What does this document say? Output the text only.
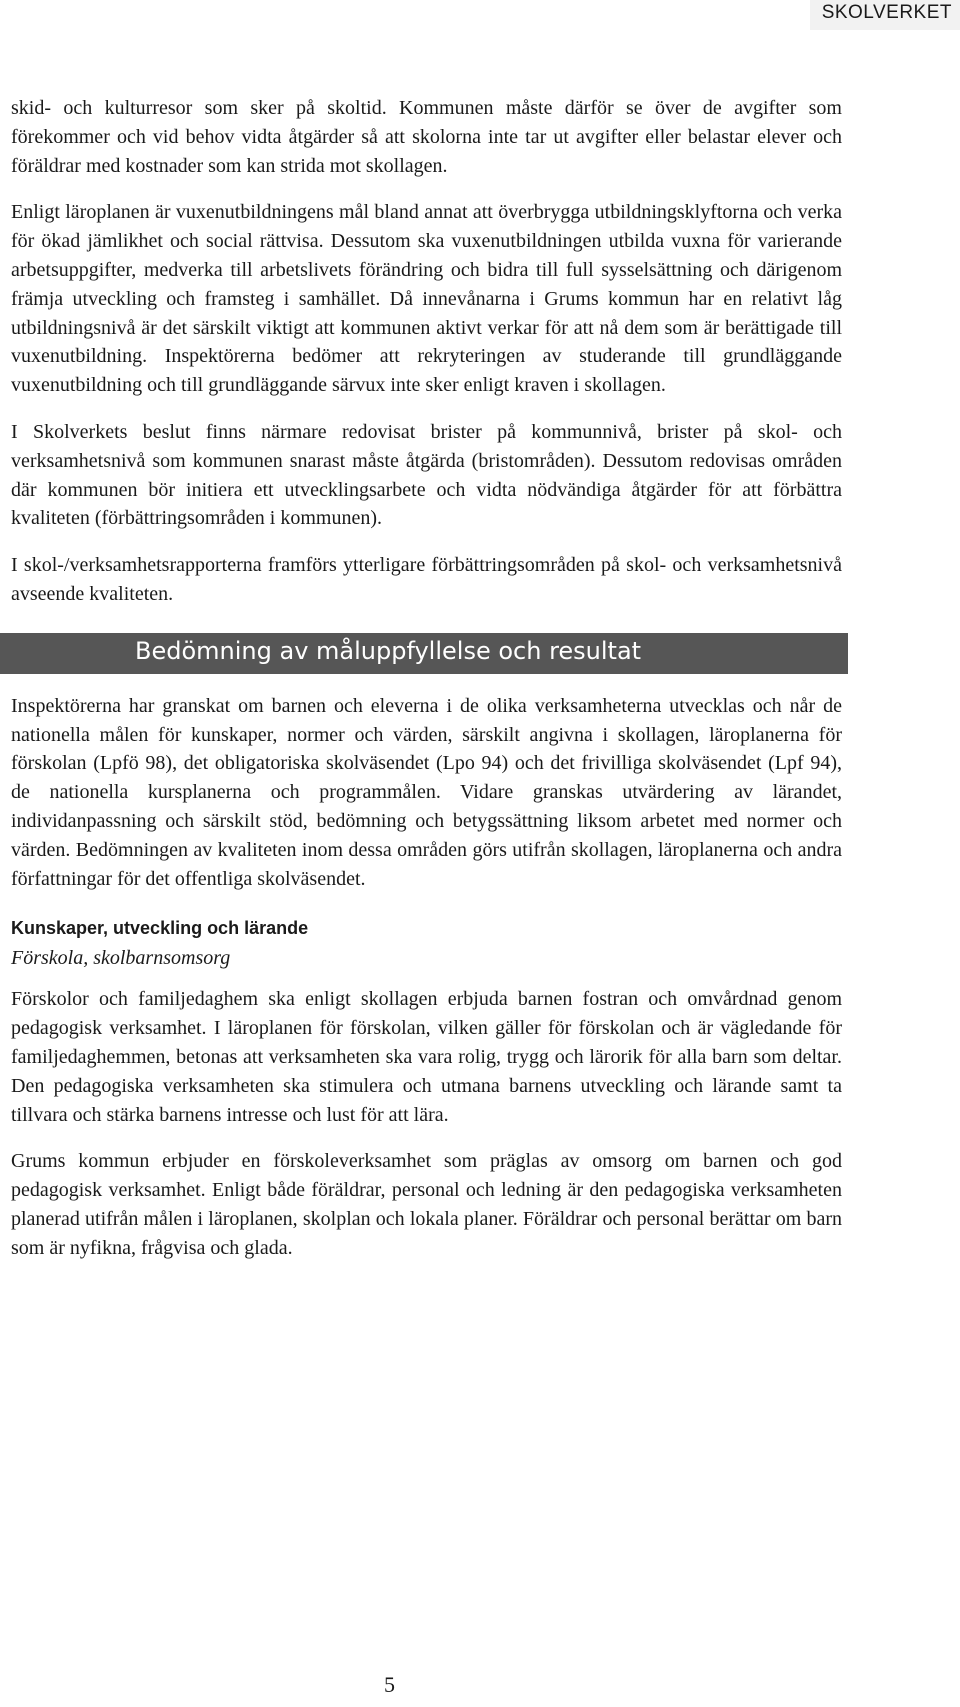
SKOLVERKET

skid- och kulturresor som sker på skoltid. Kommunen måste därför se över de avgifter som förekommer och vid behov vidta åtgärder så att skolorna inte tar ut avgifter eller belastar elever och föräldrar med kostnader som kan strida mot skollagen.

Enligt läroplanen är vuxenutbildningens mål bland annat att överbrygga utbildningsklyftorna och verka för ökad jämlikhet och social rättvisa. Dessutom ska vuxenutbildningen utbilda vuxna för varierande arbetsuppgifter, medverka till arbetslivets förändring och bidra till full sysselsättning och därigenom främja utveckling och framsteg i samhället. Då innevånarna i Grums kommun har en relativt låg utbildningsnivå är det särskilt viktigt att kommunen aktivt verkar för att nå dem som är berättigade till vuxenutbildning. Inspektörerna bedömer att rekryteringen av studerande till grundläggande vuxenutbildning och till grundläggande särvux inte sker enligt kraven i skollagen.

I Skolverkets beslut finns närmare redovisat brister på kommunnivå, brister på skol- och verksamhetsnivå som kommunen snarast måste åtgärda (bristområden). Dessutom redovisas områden där kommunen bör initiera ett utvecklingsarbete och vidta nödvändiga åtgärder för att förbättra kvaliteten (förbättringsområden i kommunen).

I skol-/verksamhetsrapporterna framförs ytterligare förbättringsområden på skol- och verksamhetsnivå avseende kvaliteten.

Bedömning av måluppfyllelse och resultat

Inspektörerna har granskat om barnen och eleverna i de olika verksamheterna utvecklas och når de nationella målen för kunskaper, normer och värden, särskilt angivna i skollagen, läroplanerna för förskolan (Lpfö 98), det obligatoriska skolväsendet (Lpo 94) och det frivilliga skolväsendet (Lpf 94), de nationella kursplanerna och programmålen. Vidare granskas utvärdering av lärandet, individanpassning och särskilt stöd, bedömning och betygssättning liksom arbetet med normer och värden. Bedömningen av kvaliteten inom dessa områden görs utifrån skollagen, läroplanerna och andra författningar för det offentliga skolväsendet.

Kunskaper, utveckling och lärande
Förskola, skolbarnsomsorg

Förskolor och familjedaghem ska enligt skollagen erbjuda barnen fostran och omvårdnad genom pedagogisk verksamhet. I läroplanen för förskolan, vilken gäller för förskolan och är vägledande för familjedaghemmen, betonas att verksamheten ska vara rolig, trygg och lärorik för alla barn som deltar. Den pedagogiska verksamheten ska stimulera och utmana barnens utveckling och lärande samt ta tillvara och stärka barnens intresse och lust för att lära.

Grums kommun erbjuder en förskoleverksamhet som präglas av omsorg om barnen och god pedagogisk verksamhet. Enligt både föräldrar, personal och ledning är den pedagogiska verksamheten planerad utifrån målen i läroplanen, skolplan och lokala planer. Föräldrar och personal berättar om barn som är nyfikna, frågvisa och glada.

5
